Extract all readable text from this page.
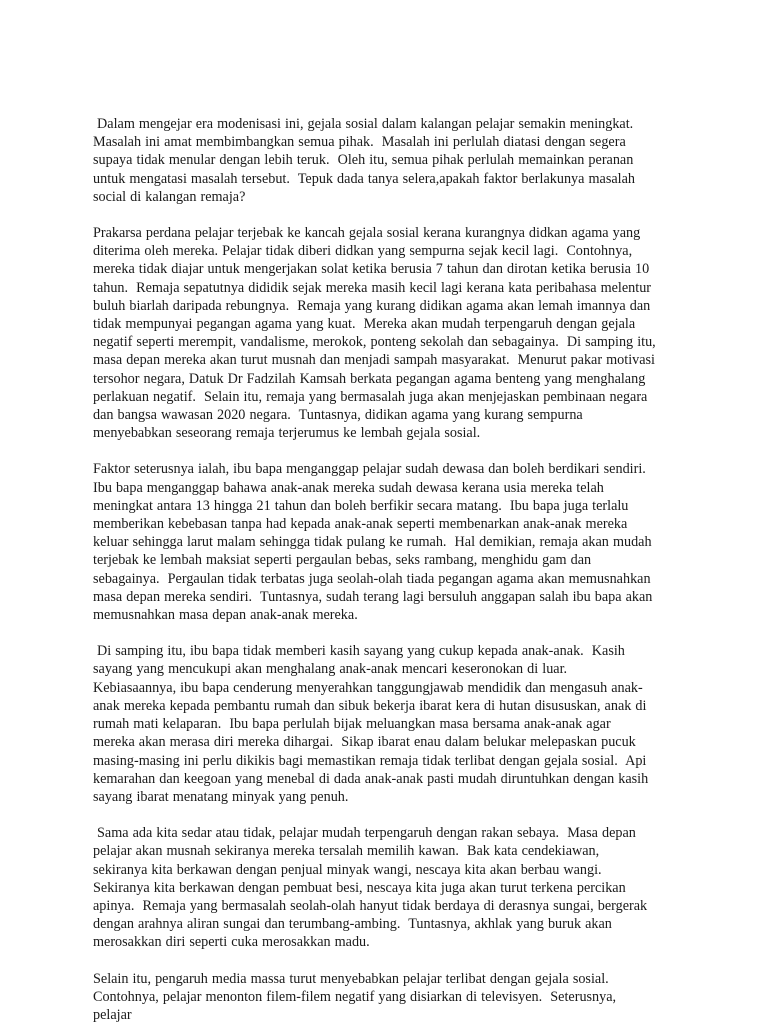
Dalam mengejar era modenisasi ini, gejala sosial dalam kalangan pelajar semakin meningkat.  Masalah ini amat membimbangkan semua pihak.  Masalah ini perlulah diatasi dengan segera supaya tidak menular dengan lebih teruk.  Oleh itu, semua pihak perlulah memainkan peranan untuk mengatasi masalah tersebut.  Tepuk dada tanya selera,apakah faktor berlakunya masalah social di kalangan remaja?

Prakarsa perdana pelajar terjebak ke kancah gejala sosial kerana kurangnya didkan agama yang diterima oleh mereka. Pelajar tidak diberi didkan yang sempurna sejak kecil lagi.  Contohnya, mereka tidak diajar untuk mengerjakan solat ketika berusia 7 tahun dan dirotan ketika berusia 10 tahun.  Remaja sepatutnya dididik sejak mereka masih kecil lagi kerana kata peribahasa melentur buluh biarlah daripada rebungnya.  Remaja yang kurang didikan agama akan lemah imannya dan tidak mempunyai pegangan agama yang kuat.  Mereka akan mudah terpengaruh dengan gejala negatif seperti merempit, vandalisme, merokok, ponteng sekolah dan sebagainya.  Di samping itu, masa depan mereka akan turut musnah dan menjadi sampah masyarakat.  Menurut pakar motivasi tersohor negara, Datuk Dr Fadzilah Kamsah berkata pegangan agama benteng yang menghalang perlakuan negatif.  Selain itu, remaja yang bermasalah juga akan menjejaskan pembinaan negara dan bangsa wawasan 2020 negara.  Tuntasnya, didikan agama yang kurang sempurna menyebabkan seseorang remaja terjerumus ke lembah gejala sosial.

Faktor seterusnya ialah, ibu bapa menganggap pelajar sudah dewasa dan boleh berdikari sendiri.  Ibu bapa menganggap bahawa anak-anak mereka sudah dewasa kerana usia mereka telah meningkat antara 13 hingga 21 tahun dan boleh berfikir secara matang.  Ibu bapa juga terlalu memberikan kebebasan tanpa had kepada anak-anak seperti membenarkan anak-anak mereka keluar sehingga larut malam sehingga tidak pulang ke rumah.  Hal demikian, remaja akan mudah terjebak ke lembah maksiat seperti pergaulan bebas, seks rambang, menghidu gam dan sebagainya.  Pergaulan tidak terbatas juga seolah-olah tiada pegangan agama akan memusnahkan masa depan mereka sendiri.  Tuntasnya, sudah terang lagi bersuluh anggapan salah ibu bapa akan memusnahkan masa depan anak-anak mereka.

Di samping itu, ibu bapa tidak memberi kasih sayang yang cukup kepada anak-anak.  Kasih sayang yang mencukupi akan menghalang anak-anak mencari keseronokan di luar.  Kebiasaannya, ibu bapa cenderung menyerahkan tanggungjawab mendidik dan mengasuh anak-anak mereka kepada pembantu rumah dan sibuk bekerja ibarat kera di hutan disususkan, anak di rumah mati kelaparan.  Ibu bapa perlulah bijak meluangkan masa bersama anak-anak agar mereka akan merasa diri mereka dihargai.  Sikap ibarat enau dalam belukar melepaskan pucuk masing-masing ini perlu dikikis bagi memastikan remaja tidak terlibat dengan gejala sosial.  Api kemarahan dan keegoan yang menebal di dada anak-anak pasti mudah diruntuhkan dengan kasih sayang ibarat menatang minyak yang penuh.

Sama ada kita sedar atau tidak, pelajar mudah terpengaruh dengan rakan sebaya.  Masa depan pelajar akan musnah sekiranya mereka tersalah memilih kawan.  Bak kata cendekiawan, sekiranya kita berkawan dengan penjual minyak wangi, nescaya kita akan berbau wangi.  Sekiranya kita berkawan dengan pembuat besi, nescaya kita juga akan turut terkena percikan apinya.  Remaja yang bermasalah seolah-olah hanyut tidak berdaya di derasnya sungai, bergerak dengan arahnya aliran sungai dan terumbang-ambing.  Tuntasnya, akhlak yang buruk akan merosakkan diri seperti cuka merosakkan madu.

Selain itu, pengaruh media massa turut menyebabkan pelajar terlibat dengan gejala sosial.  Contohnya, pelajar menonton filem-filem negatif yang disiarkan di televisyen.  Seterusnya, pelajar
